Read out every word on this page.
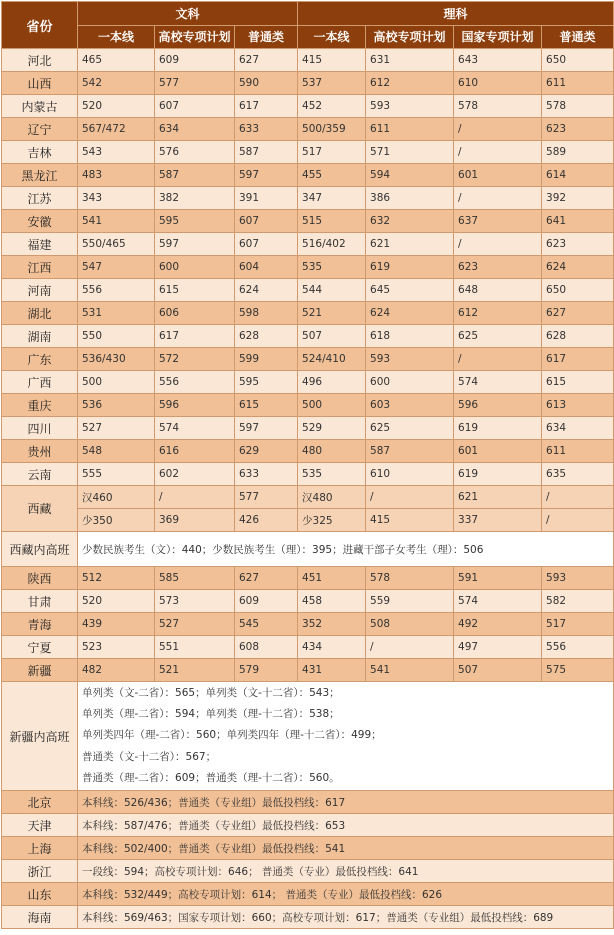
省份	文科			理科			
	一本线	高校专项计划	普通类	一本线	高校专项计划	国家专项计划	普通类
河北	465	609	627	415	631	643	650
山西	542	577	590	537	612	610	611
内蒙古	520	607	617	452	593	578	578
辽宁	567/472	634	633	500/359	611	/	623
吉林	543	576	587	517	571	/	589
黑龙江	483	587	597	455	594	601	614
江苏	343	382	391	347	386	/	392
安徽	541	595	607	515	632	637	641
福建	550/465	597	607	516/402	621	/	623
江西	547	600	604	535	619	623	624
河南	556	615	624	544	645	648	650
湖北	531	606	598	521	624	612	627
湖南	550	617	628	507	618	625	628
广东	536/430	572	599	524/410	593	/	617
广西	500	556	595	496	600	574	615
重庆	536	596	615	500	603	596	613
四川	527	574	597	529	625	619	634
贵州	548	616	629	480	587	601	611
云南	555	602	633	535	610	619	635
西藏	汉460	/	577	汉480	/	621	/
	少350	369	426	少325	415	337	/
西藏内高班	少数民族考生（文）：440；少数民族考生（理）：395；进藏干部子女考生（理）：506						
陕西	512	585	627	451	578	591	593
甘肃	520	573	609	458	559	574	582
青海	439	527	545	352	508	492	517
宁夏	523	551	608	434	/	497	556
新疆	482	521	579	431	541	507	575
新疆内高班	单列类（文-二省）：565；单列类（文-十二省）：543；
单列类（理-二省）：594；单列类（理-十二省）：538；
单列类四年（理-二省）：560；单列类四年（理-十二省）：499；
普通类（文-十二省）：567；
普通类（理-二省）：609；普通类（理-十二省）：560。						

北京	本科线：526/436；普通类（专业组）最低投档线：617						
天津	本科线：587/476；普通类（专业组）最低投档线：653						
上海	本科线：502/400；普通类（专业组）最低投档线：541						
浙江	一段线：594；高校专项计划：646； 普通类（专业）最低投档线：641						
山东	本科线：532/449；高校专项计划：614； 普通类（专业）最低投档线：626						
海南	本科线：569/463；国家专项计划：660；高校专项计划：617；普通类（专业组）最低投档线：689						
